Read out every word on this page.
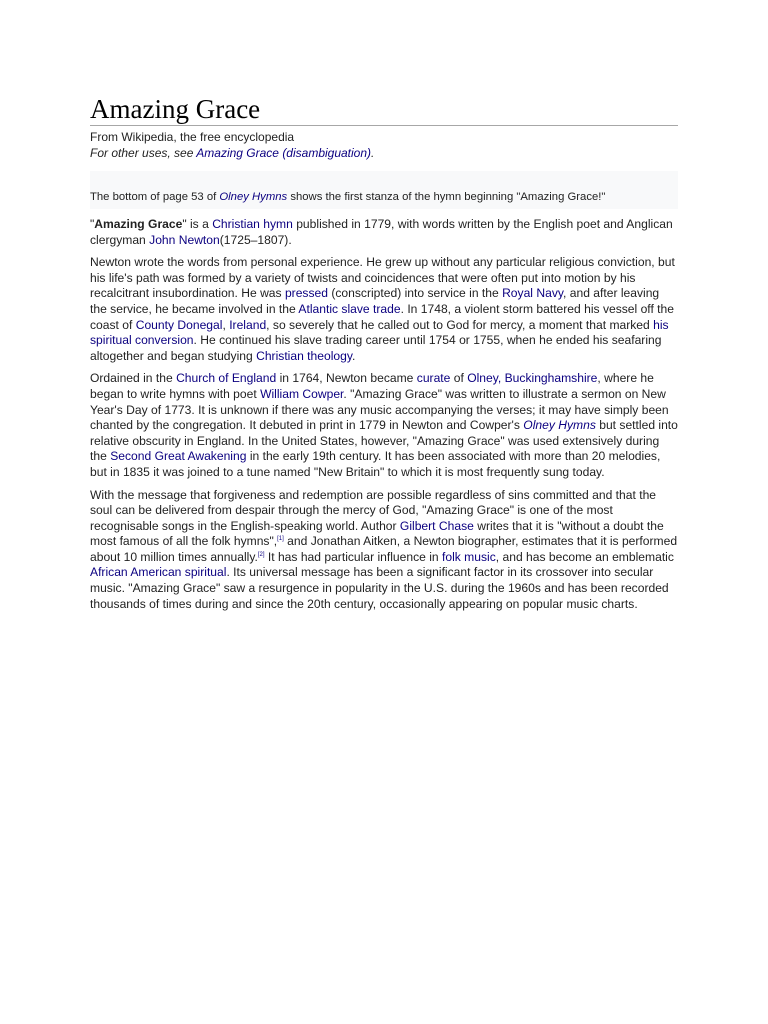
Amazing Grace
From Wikipedia, the free encyclopedia
For other uses, see Amazing Grace (disambiguation).
The bottom of page 53 of Olney Hymns shows the first stanza of the hymn beginning "Amazing Grace!"

"Amazing Grace" is a Christian hymn published in 1779, with words written by the English poet and Anglican clergyman John Newton(1725–1807).

Newton wrote the words from personal experience. He grew up without any particular religious conviction, but his life's path was formed by a variety of twists and coincidences that were often put into motion by his recalcitrant insubordination. He was pressed (conscripted) into service in the Royal Navy, and after leaving the service, he became involved in the Atlantic slave trade. In 1748, a violent storm battered his vessel off the coast of County Donegal, Ireland, so severely that he called out to God for mercy, a moment that marked his spiritual conversion. He continued his slave trading career until 1754 or 1755, when he ended his seafaring altogether and began studying Christian theology.

Ordained in the Church of England in 1764, Newton became curate of Olney, Buckinghamshire, where he began to write hymns with poet William Cowper. "Amazing Grace" was written to illustrate a sermon on New Year's Day of 1773. It is unknown if there was any music accompanying the verses; it may have simply been chanted by the congregation. It debuted in print in 1779 in Newton and Cowper's Olney Hymns but settled into relative obscurity in England. In the United States, however, "Amazing Grace" was used extensively during the Second Great Awakening in the early 19th century. It has been associated with more than 20 melodies, but in 1835 it was joined to a tune named "New Britain" to which it is most frequently sung today.

With the message that forgiveness and redemption are possible regardless of sins committed and that the soul can be delivered from despair through the mercy of God, "Amazing Grace" is one of the most recognisable songs in the English-speaking world. Author Gilbert Chase writes that it is "without a doubt the most famous of all the folk hymns",[1] and Jonathan Aitken, a Newton biographer, estimates that it is performed about 10 million times annually.[2] It has had particular influence in folk music, and has become an emblematic African American spiritual. Its universal message has been a significant factor in its crossover into secular music. "Amazing Grace" saw a resurgence in popularity in the U.S. during the 1960s and has been recorded thousands of times during and since the 20th century, occasionally appearing on popular music charts.
